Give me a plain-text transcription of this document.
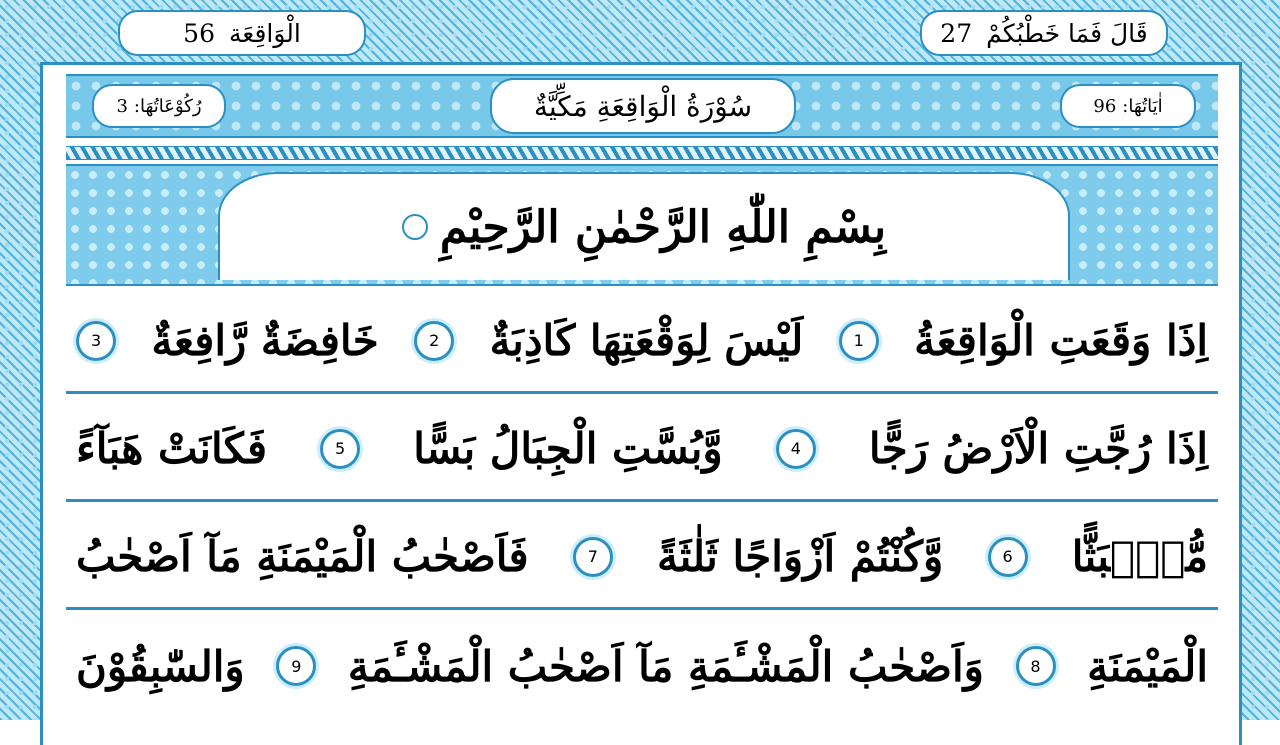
الْوَاقِعَة
56	قَالَ فَمَا خَطْبُكُمْ
27
رُكُوْعَاتُهَا:
3	سُوْرَةُ الْوَاقِعَةِ مَكِّيَّةٌ	اٰيَاتُهَا:
96
بِسْمِ اللّٰهِ الرَّحْمٰنِ الرَّحِيْمِ
اِذَا وَقَعَتِ الْوَاقِعَةُ
1
لَيْسَ لِوَقْعَتِهَا كَاذِبَةٌ
2
خَافِضَةٌ رَّافِعَةٌ
3
اِذَا رُجَّتِ الْاَرْضُ رَجًّا
4
وَّبُسَّتِ الْجِبَالُ بَسًّا
5
فَكَانَتْ هَبَآءً
مُّنْۢبَثًّا
6
وَّكُنْتُمْ اَزْوَاجًا ثَلٰثَةً
7
فَاَصْحٰبُ الْمَيْمَنَةِ مَآ اَصْحٰبُ
الْمَيْمَنَةِ
8
وَاَصْحٰبُ الْمَشْـَٔمَةِ مَآ اَصْحٰبُ الْمَشْـَٔمَةِ
9
وَالسّٰبِقُوْنَ
